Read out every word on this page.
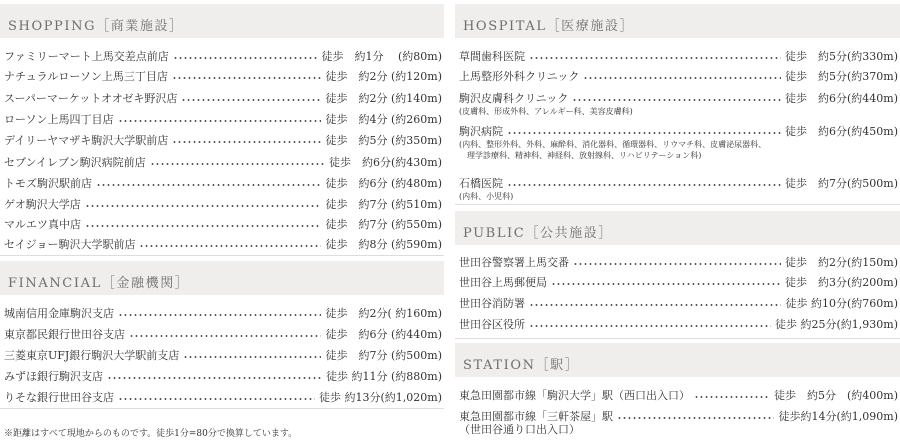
SHOPPING［商業施設］
ファミリーマート上馬交差点前店	徒歩　約1分　 (約80m)
ナチュラルローソン上馬三丁目店	徒歩　約2分 (約120m)
スーパーマーケットオオゼキ野沢店	徒歩　約2分 (約140m)
ローソン上馬四丁目店	徒歩　約4分 (約260m)
デイリーヤマザキ駒沢大学駅前店	徒歩　約5分 (約350m)
セブンイレブン駒沢病院前店	徒歩　約6分(約430m)
トモズ駒沢駅前店	徒歩　約6分 (約480m)
ゲオ駒沢大学店	徒歩　約7分 (約510m)
マルエツ真中店	徒歩　約7分 (約550m)
セイジョー駒沢大学駅前店	徒歩　約8分 (約590m)
FINANCIAL［金融機関］
城南信用金庫駒沢支店	徒歩　約2分( 約160m)
東京都民銀行世田谷支店	徒歩　約6分 (約440m)
三菱東京UFJ銀行駒沢大学駅前支店	徒歩　約7分 (約500m)
みずほ銀行駒沢支店	徒歩 約11分 (約880m)
りそな銀行世田谷支店	徒歩 約13分(約1,020m)
※距離はすべて現地からのものです。徒歩1分=80分で換算しています。
HOSPITAL［医療施設］
草間歯科医院	徒歩　約5分(約330m)
上馬整形外科クリニック	徒歩　約5分(約370m)
駒沢皮膚科クリニック	徒歩　約6分(約440m)
(皮膚科、形成外科、アレルギー科、美容皮膚科)
駒沢病院	徒歩　約6分(約450m)
(内科、整形外科、外科、麻酔科、消化器科、循環器科、リウマチ科、皮膚泌尿器科、
　理学診療科、精神科、神経科、放射線科、リハビリテーション科)
石橋医院	徒歩　約7分(約500m)
(内科、小児科)
PUBLIC［公共施設］
世田谷警察署上馬交番	徒歩　約2分(約150m)
世田谷上馬郵便局	徒歩　約3分(約200m)
世田谷消防署	徒歩 約10分(約760m)
世田谷区役所	徒歩 約25分(約1,930m)
STATION［駅］
東急田園都市線「駒沢大学」駅（西口出入口）	徒歩　約5分　(約400m)
東急田園都市線「三軒茶屋」駅	徒歩約14分(約1,090m)
（世田谷通り口出入口）
